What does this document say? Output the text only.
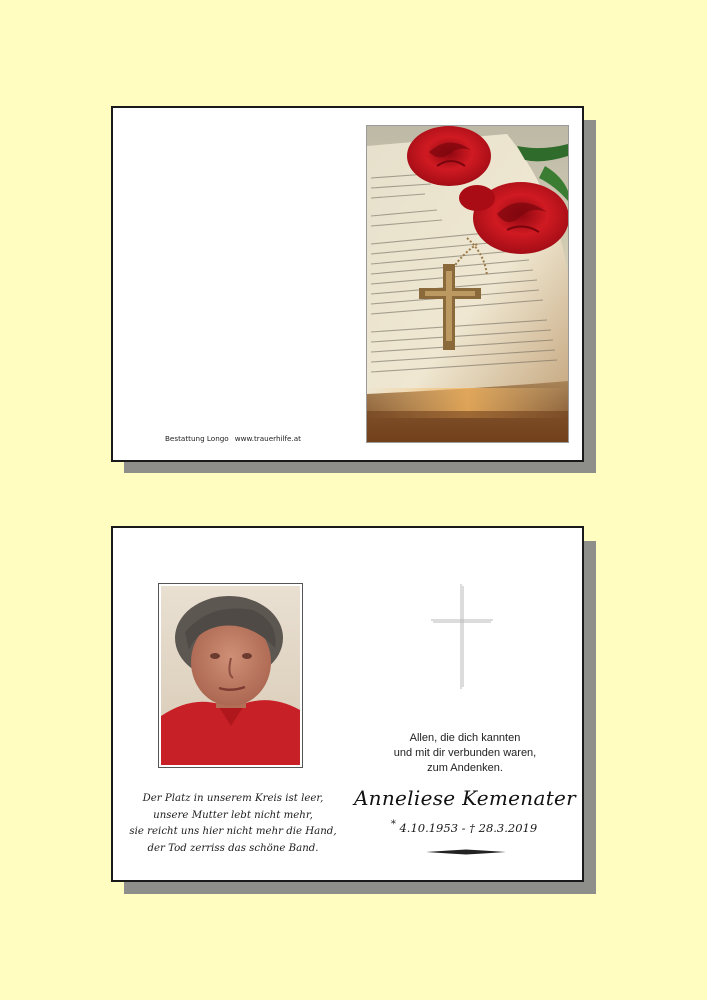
Bestattung Longo www.trauerhilfe.at
Der Platz in unserem Kreis ist leer,
unsere Mutter lebt nicht mehr,
sie reicht uns hier nicht mehr die Hand,
der Tod zerriss das schöne Band.
Allen, die dich kannten
und mit dir verbunden waren,
zum Andenken.
Anneliese Kemenater
* 4.10.1953 - † 28.3.2019
